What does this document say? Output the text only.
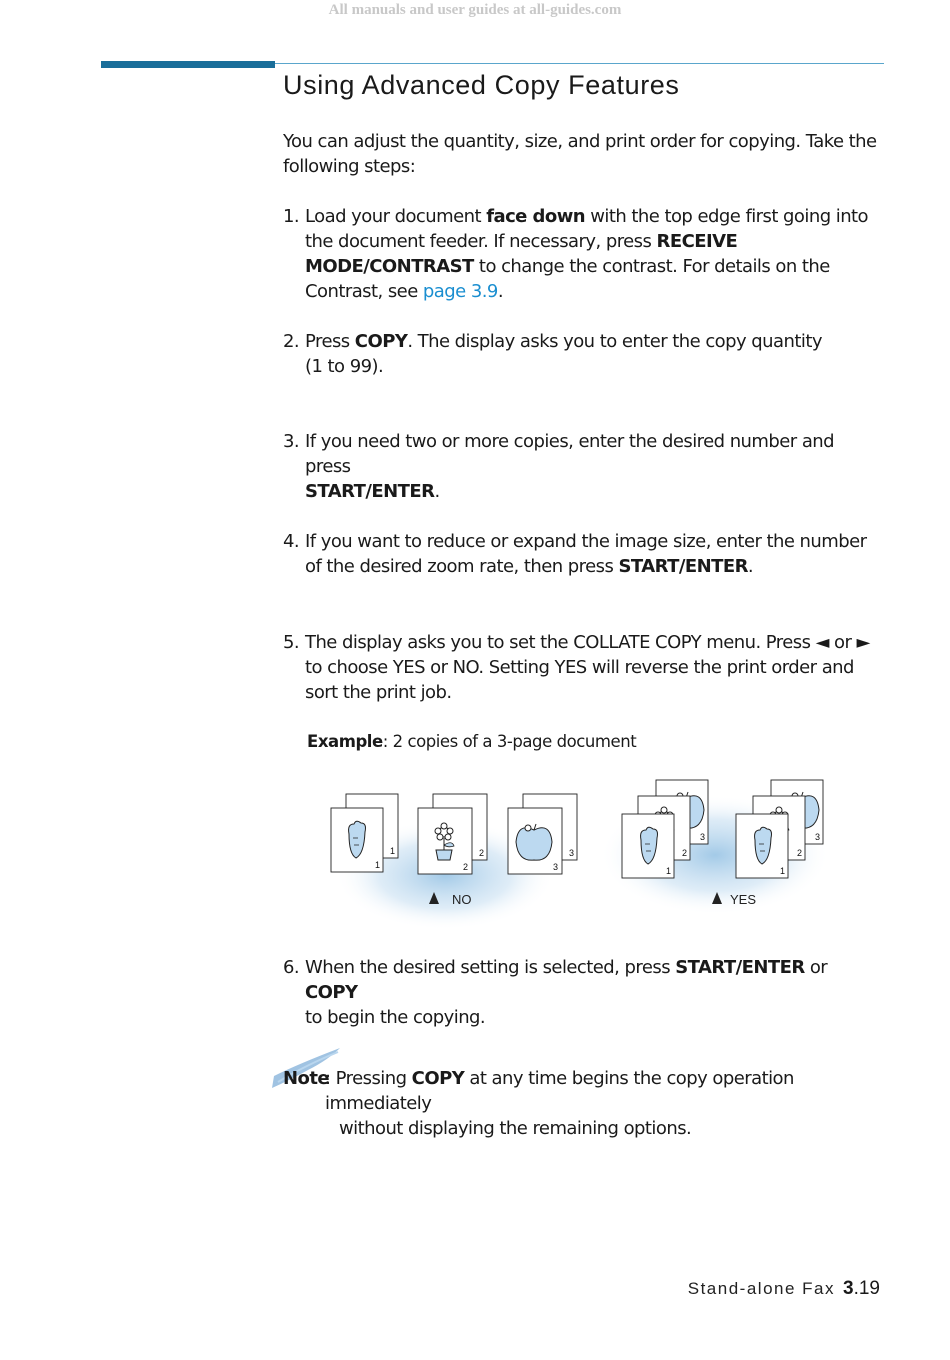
All manuals and user guides at all-guides.com
Using Advanced Copy Features
You can adjust the quantity, size, and print order for copying. Take the following steps:
1. Load your document face down with the top edge first going into the document feeder. If necessary, press RECEIVE MODE/CONTRAST to change the contrast. For details on the Contrast, see page 3.9.
2. Press COPY. The display asks you to enter the copy quantity
(1 to 99).
3. If you need two or more copies, enter the desired number and press
START/ENTER.
4. If you want to reduce or expand the image size, enter the number of the desired zoom rate, then press START/ENTER.
5. The display asks you to set the COLLATE COPY menu. Press ◄ or ► to choose YES or NO. Setting YES will reverse the print order and sort the print job.
Example: 2 copies of a 3-page document
1
1
2
2
3
3
NO
3
2
1
3
2
1
YES
6. When the desired setting is selected, press START/ENTER or COPY
to begin the copying.
Note
: Pressing COPY at any time begins the copy operation immediately
without displaying the remaining options.
Stand-alone Fax 3.19
